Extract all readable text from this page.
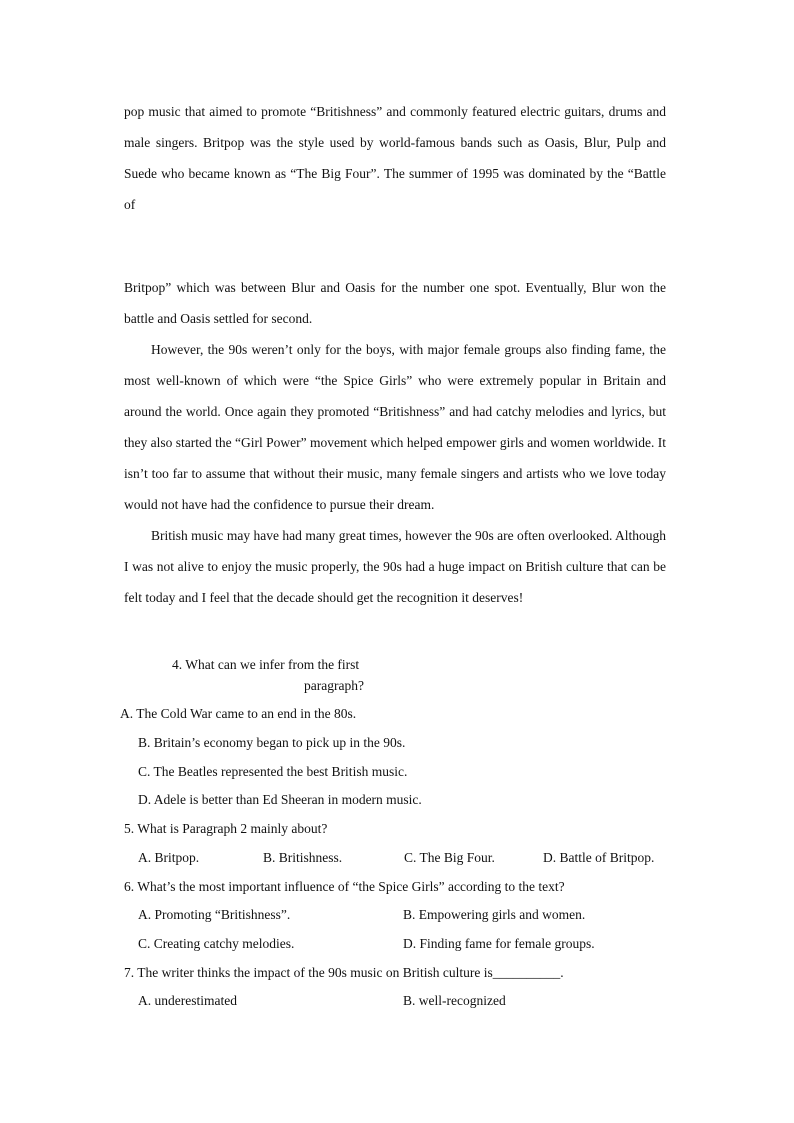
pop music that aimed to promote “Britishness” and commonly featured electric guitars, drums and male singers. Britpop was the style used by world-famous bands such as Oasis, Blur, Pulp and Suede who became known as “The Big Four”. The summer of 1995 was dominated by the “Battle of

Britpop” which was between Blur and Oasis for the number one spot. Eventually, Blur won the battle and Oasis settled for second.

However, the 90s weren’t only for the boys, with major female groups also finding fame, the most well-known of which were “the Spice Girls” who were extremely popular in Britain and around the world. Once again they promoted “Britishness” and had catchy melodies and lyrics, but they also started the “Girl Power” movement which helped empower girls and women worldwide. It isn’t too far to assume that without their music, many female singers and artists who we love today would not have had the confidence to pursue their dream.

British music may have had many great times, however the 90s are often overlooked. Although I was not alive to enjoy the music properly, the 90s had a huge impact on British culture that can be felt today and I feel that the decade should get the recognition it deserves!

4. What can we infer from the first

paragraph?

A. The Cold War came to an end in the 80s.

B. Britain’s economy began to pick up in the 90s.

C. The Beatles represented the best British music.

D. Adele is better than Ed Sheeran in modern music.

5. What is Paragraph 2 mainly about?

A. Britpop.	B. Britishness.	C. The Big Four.	D. Battle of Britpop.

6. What’s the most important influence of “the Spice Girls” according to the text?

A. Promoting “Britishness”.	B. Empowering girls and women.
C. Creating catchy melodies.	D. Finding fame for female groups.

7. The writer thinks the impact of the 90s music on British culture is__________.

A. underestimated	B. well-recognized
